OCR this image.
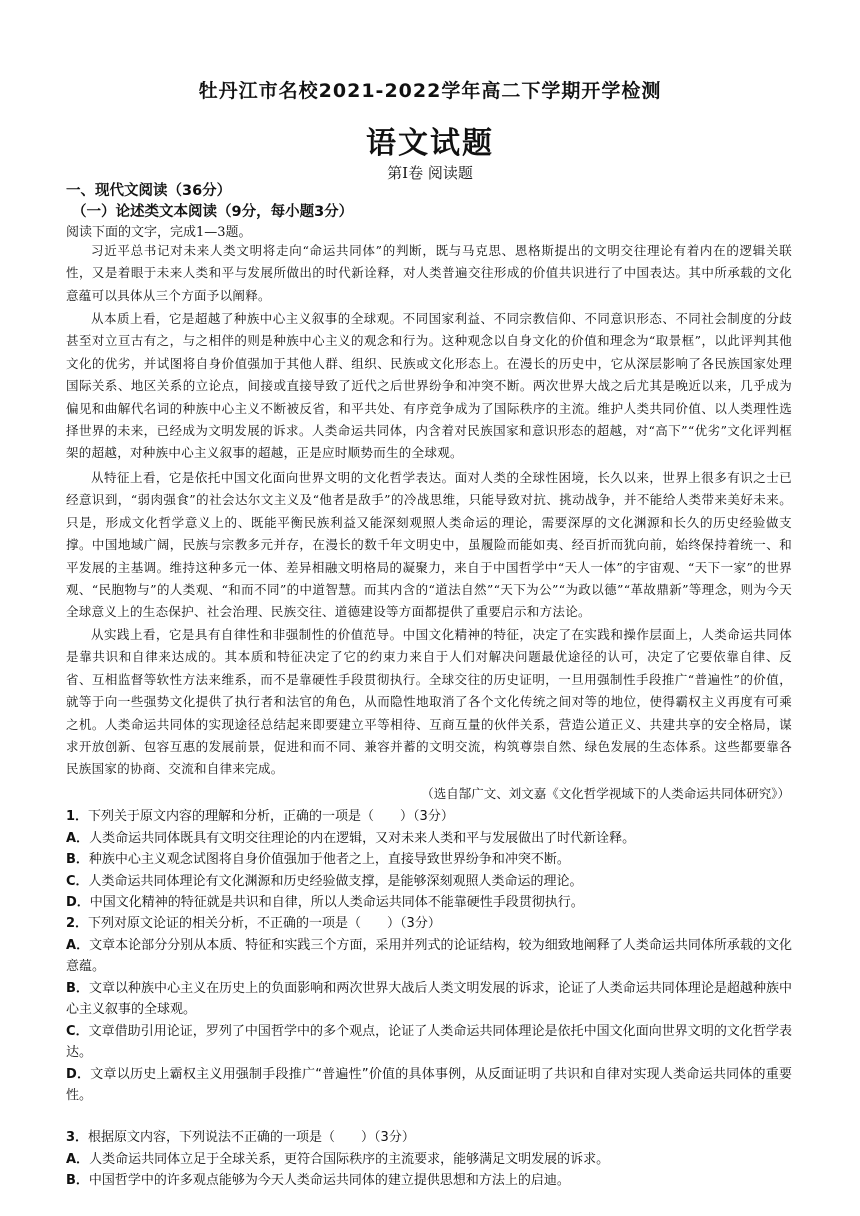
牡丹江市名校2021-2022学年高二下学期开学检测
语文试题
第Ⅰ卷 阅读题
一、现代文阅读（36分）
（一）论述类文本阅读（9分，每小题3分）
阅读下面的文字，完成1—3题。
习近平总书记对未来人类文明将走向“命运共同体”的判断，既与马克思、恩格斯提出的文明交往理论有着内在的逻辑关联性，又是着眼于未来人类和平与发展所做出的时代新诠释，对人类普遍交往形成的价值共识进行了中国表达。其中所承载的文化意蕴可以具体从三个方面予以阐释。
从本质上看，它是超越了种族中心主义叙事的全球观。不同国家利益、不同宗教信仰、不同意识形态、不同社会制度的分歧甚至对立亘古有之，与之相伴的则是种族中心主义的观念和行为。这种观念以自身文化的价值和理念为“取景框”，以此评判其他文化的优劣，并试图将自身价值强加于其他人群、组织、民族或文化形态上。在漫长的历史中，它从深层影响了各民族国家处理国际关系、地区关系的立论点，间接或直接导致了近代之后世界纷争和冲突不断。两次世界大战之后尤其是晚近以来，几乎成为偏见和曲解代名词的种族中心主义不断被反省，和平共处、有序竞争成为了国际秩序的主流。维护人类共同价值、以人类理性选择世界的未来，已经成为文明发展的诉求。人类命运共同体，内含着对民族国家和意识形态的超越，对“高下”“优劣”文化评判框架的超越，对种族中心主义叙事的超越，正是应时顺势而生的全球观。
从特征上看，它是依托中国文化面向世界文明的文化哲学表达。面对人类的全球性困境，长久以来，世界上很多有识之士已经意识到，“弱肉强食”的社会达尔文主义及“他者是敌手”的冷战思维，只能导致对抗、挑动战争，并不能给人类带来美好未来。只是，形成文化哲学意义上的、既能平衡民族利益又能深刻观照人类命运的理论，需要深厚的文化渊源和长久的历史经验做支撑。中国地域广阔，民族与宗教多元并存，在漫长的数千年文明史中，虽履险而能如夷、经百折而犹向前，始终保持着统一、和平发展的主基调。维持这种多元一体、差异相融文明格局的凝聚力，来自于中国哲学中“天人一体”的宇宙观、“天下一家”的世界观、“民胞物与”的人类观、“和而不同”的中道智慧。而其内含的“道法自然”“天下为公”“为政以德”“革故鼎新”等理念，则为今天全球意义上的生态保护、社会治理、民族交往、道德建设等方面都提供了重要启示和方法论。
从实践上看，它是具有自律性和非强制性的价值范导。中国文化精神的特征，决定了在实践和操作层面上，人类命运共同体是靠共识和自律来达成的。其本质和特征决定了它的约束力来自于人们对解决问题最优途径的认可，决定了它要依靠自律、反省、互相监督等软性方法来维系，而不是靠硬性手段贯彻执行。全球交往的历史证明，一旦用强制性手段推广“普遍性”的价值，就等于向一些强势文化提供了执行者和法官的角色，从而隐性地取消了各个文化传统之间对等的地位，使得霸权主义再度有可乘之机。人类命运共同体的实现途径总结起来即要建立平等相待、互商互量的伙伴关系，营造公道正义、共建共享的安全格局，谋求开放创新、包容互惠的发展前景，促进和而不同、兼容并蓄的文明交流，构筑尊崇自然、绿色发展的生态体系。这些都要靠各民族国家的协商、交流和自律来完成。
（选自郜广文、刘文嘉《文化哲学视域下的人类命运共同体研究》）
1．下列关于原文内容的理解和分析，正确的一项是（　　）（3分）
A．人类命运共同体既具有文明交往理论的内在逻辑，又对未来人类和平与发展做出了时代新诠释。
B．种族中心主义观念试图将自身价值强加于他者之上，直接导致世界纷争和冲突不断。
C．人类命运共同体理论有文化渊源和历史经验做支撑，是能够深刻观照人类命运的理论。
D．中国文化精神的特征就是共识和自律，所以人类命运共同体不能靠硬性手段贯彻执行。
2．下列对原文论证的相关分析，不正确的一项是（　　）（3分）
A．文章本论部分分别从本质、特征和实践三个方面，采用并列式的论证结构，较为细致地阐释了人类命运共同体所承载的文化意蕴。
B．文章以种族中心主义在历史上的负面影响和两次世界大战后人类文明发展的诉求，论证了人类命运共同体理论是超越种族中心主义叙事的全球观。
C．文章借助引用论证，罗列了中国哲学中的多个观点，论证了人类命运共同体理论是依托中国文化面向世界文明的文化哲学表达。
D．文章以历史上霸权主义用强制手段推广“普遍性”价值的具体事例，从反面证明了共识和自律对实现人类命运共同体的重要性。
3．根据原文内容，下列说法不正确的一项是（　　）（3分）
A．人类命运共同体立足于全球关系，更符合国际秩序的主流要求，能够满足文明发展的诉求。
B．中国哲学中的许多观点能够为今天人类命运共同体的建立提供思想和方法上的启迪。
